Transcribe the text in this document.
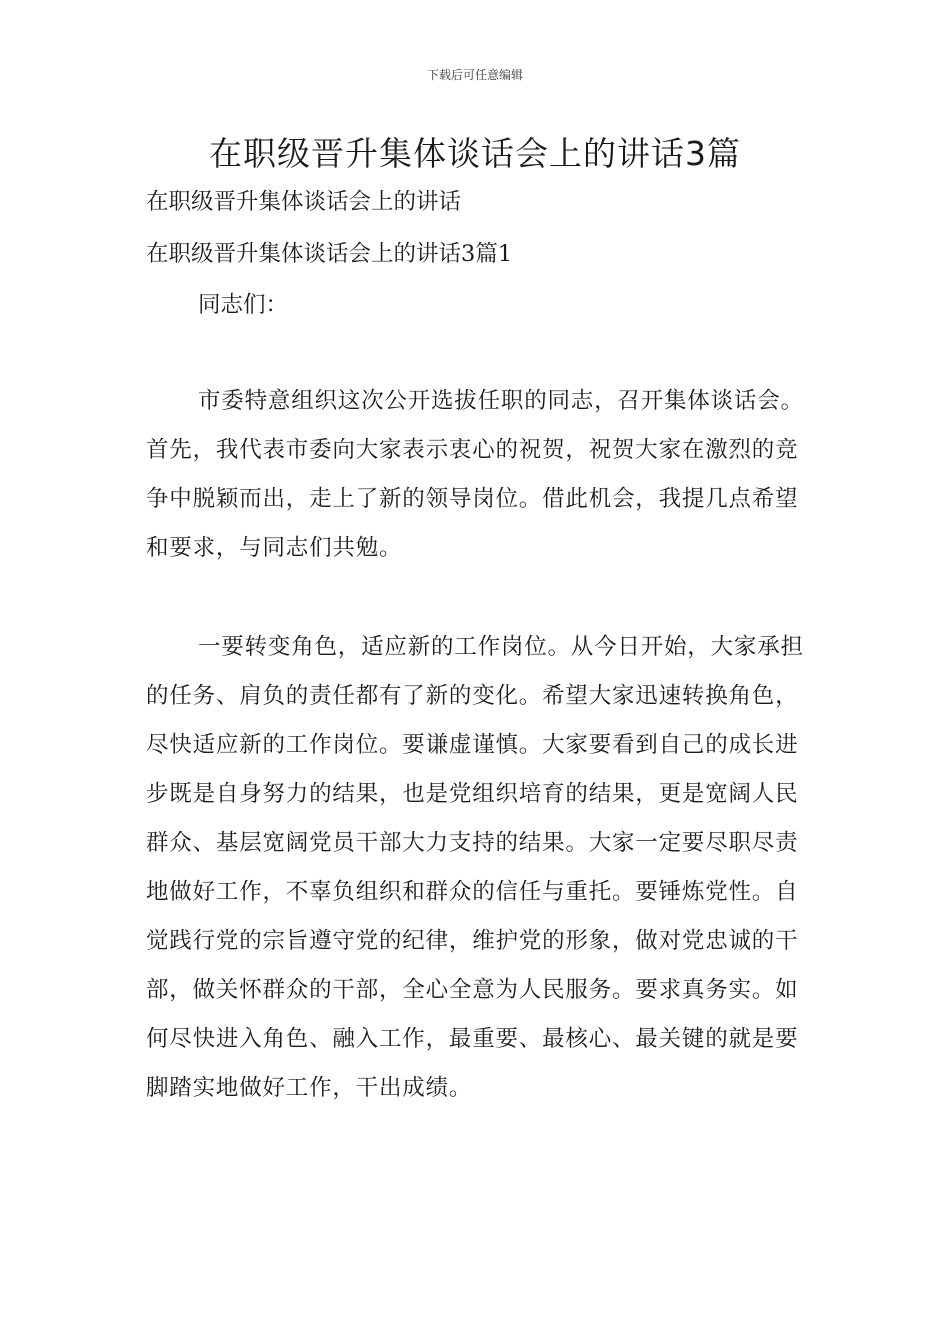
下载后可任意编辑
在职级晋升集体谈话会上的讲话3篇
在职级晋升集体谈话会上的讲话
在职级晋升集体谈话会上的讲话3篇1
同志们：

市委特意组织这次公开选拔任职的同志，召开集体谈话会。首先，我代表市委向大家表示衷心的祝贺，祝贺大家在激烈的竞争中脱颖而出，走上了新的领导岗位。借此机会，我提几点希望和要求，与同志们共勉。

一要转变角色，适应新的工作岗位。从今日开始，大家承担的任务、肩负的责任都有了新的变化。希望大家迅速转换角色，尽快适应新的工作岗位。要谦虚谨慎。大家要看到自己的成长进步既是自身努力的结果，也是党组织培育的结果，更是宽阔人民群众、基层宽阔党员干部大力支持的结果。大家一定要尽职尽责地做好工作，不辜负组织和群众的信任与重托。要锤炼党性。自觉践行党的宗旨遵守党的纪律，维护党的形象，做对党忠诚的干部，做关怀群众的干部，全心全意为人民服务。要求真务实。如何尽快进入角色、融入工作，最重要、最核心、最关键的就是要脚踏实地做好工作，干出成绩。
